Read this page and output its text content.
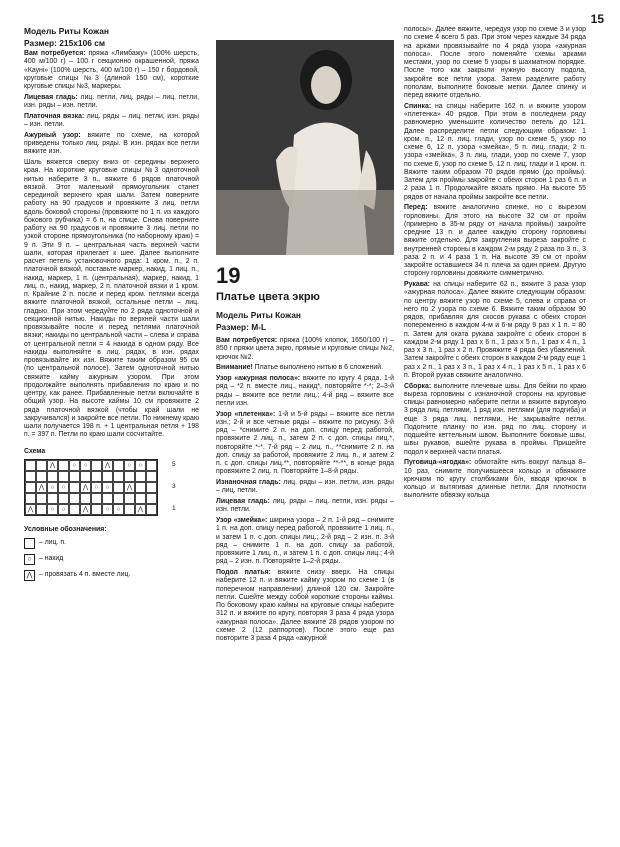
15
Модель Риты Кожан
Размер: 215х106 см

Вам потребуется: пряжа «Лимбажу» (100% шерсть, 400 м/100 г) – 100 г секционно окрашенной, пряжа «Каунi» (100% шерсть, 400 м/100 г) – 150 г бордовой, круговые спицы №3 (длиной 150 см), короткие круговые спицы №3, маркеры.

Лицевая гладь: лиц. петли, лиц. ряды – лиц. петли, изн. ряды – изн. петли.

Платочная вязка: лиц. ряды – лиц. петли, изн. ряды – изн. петли.

Ажурный узор: вяжите по схеме, на которой приведены только лиц. ряды. В изн. рядах все петли вяжите изн.

Шаль вяжется сверху вниз от середины верхнего края. На короткие круговые спицы №3 одноточной нитью наберите 3 п., вяжите 6 рядов платочной вязкой. Этот маленький прямоугольник станет серединой верхнего края шали. Затем поверните работу на 90 градусов и провяжите 3 лиц. петли вдоль боковой стороны (провяжите по 1 п. из каждого бокового рубчика) = 6 п. на спице. Снова поверните работу на 90 градусов и провяжите 3 лиц. петли по узкой стороне прямоугольника (по наборному краю) = 9 п. Эти 9 п. – центральная часть верхней части шали, которая прилегает к шее. Далее выполните расчет петель установочного ряда: 1 кром. п., 2 п. платочной вязкой, поставьте маркер, накид, 1 лиц. п., накид, маркер, 1 п. (центральная), маркер, накид, 1 лиц. п., накид, маркер, 2 п. платочной вязки и 1 кром. п. Крайние 2 п. после и перед кром. петлями всегда вяжите платочной вязкой, остальные петли – лиц. гладью. При этом чередуйте по 2 ряда одноточной и секционной нитью. Накиды по верхней части шали провязывайте после и перед петлями платочной вязки; накиды по центральной части – слева и справа от центральной петли = 4 накида в одном ряду. Все накиды выполняйте в лиц. рядах, в изн. рядах провязывайте их изн. Вяжите таким образом 95 см (по центральной полосе). Затем одноточной нитью свяжите кайму ажурным узором. При этом продолжайте выполнять прибавления по краю и по центру, как ранее. Прибавленные петли включайте в общий узор. На высоте каймы 10 см провяжите 2 ряда платочной вязкой (чтобы край шали не закручивался) и закройте все петли. По нижнему краю шали получается 198 п. + 1 центральная петля + 198 п. = 397 п. Петли по краю шали сосчитайте.

Схема
⋀	○	○	⋀	○	○
⋀ ○	○	⋀ ○	○	⋀
⋀	○	○	⋀	○	○	⋀
5
3
1
Условные обозначения:
– лиц. п.
○	– накид
⋀ – провязать 4 п. вместе лиц.
19
Платье цвета экрю
Модель Риты Кожан
Размер: M-L

Вам потребуется: пряжа (100% хлопок, 1650/100 г) – 850 г пряжи цвета экрю, прямые и круговые спицы №2, крючок №2.

Внимание! Платье выполнено нитью в 6 сложений.

Узор «ажурная полоса»: вяжите по кругу 4 ряда. 1-й ряд – *2 п. вместе лиц., накид*, повторяйте *-*; 2–3-й ряды – вяжите все петли лиц.; 4-й ряд – вяжите все петли изн.

Узор «плетенка»: 1-й и 5-й ряды – вяжите все петли изн.; 2-й и все четные ряды – вяжите по рисунку. 3-й ряд – *снимите 2 п. на доп. спицу перед работой, провяжите 2 лиц. п., затем 2 п. с доп. спицы лиц.*, повторяйте *-*. 7-й ряд – 2 лиц. п., **снимите 2 п. на доп. спицу за работой, провяжите 2 лиц. п., и затем 2 п. с доп. спицы лиц.**, повторяйте **-**, в конце ряда провяжите 2 лиц. п. Повторяйте 1–8-й ряды.

Изнаночная гладь: лиц. ряды – изн. петли, изн. ряды – лиц. петли.

Лицевая гладь: лиц. ряды – лиц. петли, изн. ряды – изн. петли.

Узор «змейка»: ширина узора – 2 п. 1-й ряд – снимите 1 п. на доп. спицу перед работой, провяжите 1 лиц. п., и затем 1 п. с доп. спицы лиц.; 2-й ряд – 2 изн. п. 3-й ряд – снимите 1 п. на доп. спицу за работой, провяжите 1 лиц. п., и затем 1 п. с доп. спицы лиц.; 4-й ряд – 2 изн. п. Повторяйте 1–2-й ряды.

Подол платья: вяжите снизу вверх. На спицы наберите 12 п. и вяжите кайму узором по схеме 1 (в поперечном направлении) длиной 120 см. Закройте петли. Сшейте между собой короткие стороны каймы. По боковому краю каймы на круговые спицы наберите 312 п. и вяжите по кругу, повторяя 3 раза 4 ряда узора «ажурная полоса». Далее вяжите 28 рядов узором по схеме 2 (12 раппортов). После этого еще раз повторите 3 раза 4 ряда «ажурной

полосы». Далее вяжите, чередуя узор по схеме 3 и узор по схеме 4 всего 5 раз. При этом через каждые 34 ряда на арками провязывайте по 4 ряда узора «ажурная полоса». После этого поменяйте схемы арками местами, узор по схеме 5 узоры в шахматном порядке. После того как закрыли нужную высоту подола, закройте все петли узора. Затем разделите работу пополам, выполните боковые метки. Далее спинку и перед вяжите отдельно.

Спинка: на спицы наберите 162 п. и вяжите узором «плетенка» 40 рядов. При этом в последнем ряду равномерно уменьшите количество петель до 121. Далее распределите петли следующим образом: 1 кром. п., 12 п. лиц. глади, узор по схеме 5, узор по схеме 6, 12 п. узора «змейка», 5 п. лиц. глади, 2 п. узора «змейка», 3 п. лиц. глади, узор по схеме 7, узор по схеме 6, узор по схеме 5, 12 п. лиц. глади и 1 кром. п. Вяжите таким образом 70 рядов прямо (до проймы). Затем для проймы закройте с обеих сторон 1 раз 6 п. и 2 раза 1 п. Продолжайте вязать прямо. На высоте 55 рядов от начала проймы закройте все петли.

Перед: вяжите аналогично спинке, но с вырезом горловины. Для этого на высоте 32 см от пройм (примерно в 35-м ряду от начала проймы) закройте средние 13 п. и далее каждую сторону горловины вяжите отдельно. Для закругления выреза закройте с внутренней стороны в каждом 2-м ряду 2 раза по 3 п., 3 раза 2 п. и 4 раза 1 п. На высоте 39 см от пройм закройте оставшиеся 34 п. плеча за один прием. Другую сторону горловины довяжите симметрично.

Рукава: на спицы наберите 62 п., вяжите 3 раза узор «ажурная полоса». Далее вяжите следующим образом: по центру вяжите узор по схеме 5, слева и справа от него по 2 узора по схеме 6. Вяжите таким образом 90 рядов, прибавляя для скосов рукава с обеих сторон попеременно в каждом 4-м и 6-м ряду 9 раз х 1 п. = 80 п. Затем для оката рукава закройте с обеих сторон в каждом 2-м ряду 1 раз х 6 п., 1 раз х 5 п., 1 раз х 4 п., 1 раз х 3 п., 1 раз х 2 п. Провяжите 4 ряда без убавлений. Затем закройте с обеих сторон в каждом 2-м ряду еще 1 раз х 2 п., 1 раз х 3 п., 1 раз х 4 п., 1 раз х 5 п., 1 раз х 6 п. Второй рукав свяжите аналогично.

Сборка: выполните плечевые швы. Для бейки по краю выреза горловины с изнаночной стороны на круговые спицы равномерно наберите петли и вяжите вкруговую 3 ряда лиц. петлями, 1 ряд изн. петлями (для подгиба) и еще 3 ряда лиц. петлями. Не закрывайте петли. Подогните планку по изн. ряд по лиц. сторону и подшейте кеттельным швом. Выполните боковые швы, швы рукавов, вшейте рукава в проймы. Пришейте подол к верхней части платья.

Пуговица-«ягодка»: обмотайте нить вокруг пальца 8–10 раз, снимите получившееся кольцо и обвяжите крючком по кругу столбиками б/н, вводя крючок в кольцо и вытягивая длинные петли. Для плотности выполните обвязку кольца
